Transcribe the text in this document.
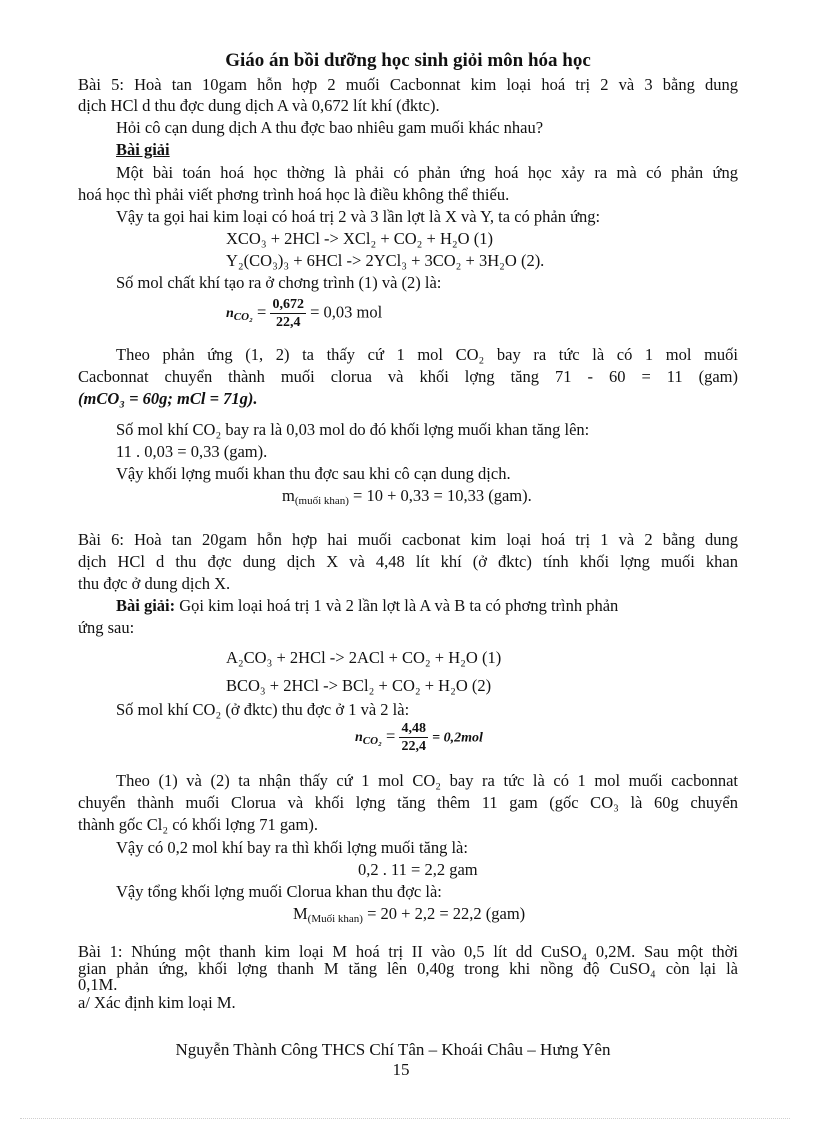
Giáo án bồi dưỡng học sinh giỏi môn hóa học
Bài 5: Hoà tan 10gam hỗn hợp 2 muối Cacbonnat kim loại hoá trị 2 và 3 bằng dung
dịch HCl d thu đợc dung dịch A và 0,672 lít khí (đktc).
Hỏi cô cạn dung dịch A thu đợc bao nhiêu gam muối khác nhau?
Bài giải
Một bài toán hoá học thờng là phải có phản ứng hoá học xảy ra mà có phản ứng
hoá học thì phải viết phơng trình hoá học là điều không thể thiếu.
Vậy ta gọi hai kim loại có hoá trị 2 và 3 lần lợt là X và Y, ta có phản ứng:
XCO₃ + 2HCl -> XCl₂ + CO₂ + H₂O (1)
Y₂(CO₃)₃ + 6HCl -> 2YCl₃ + 3CO₂ + 3H₂O (2).
Số mol chất khí tạo ra ở chơng trình (1) và (2) là:
$n_{CO_2} = \frac{0,672}{22,4} = 0,03$ mol
Theo phản ứng (1, 2) ta thấy cứ 1 mol CO₂ bay ra tức là có 1 mol muối
Cacbonnat chuyển thành muối clorua và khối lợng tăng 71 - 60 = 11 (gam)
(mCO₃ = 60g; mCl = 71g).
Số mol khí CO₂ bay ra là 0,03 mol do đó khối lợng muối khan tăng lên:
11 . 0,03 = 0,33 (gam).
Vậy khối lợng muối khan thu đợc sau khi cô cạn dung dịch.
$m_{(muối khan)} = 10 + 0,33 = 10,33$ (gam).
Bài 6: Hoà tan 20gam hỗn hợp hai muối cacbonat kim loại hoá trị 1 và 2 bằng dung
dịch HCl d thu đợc dung dịch X và 4,48 lít khí (ở đktc) tính khối lợng muối khan
thu đợc ở dung dịch X.
Bài giải: Gọi kim loại hoá trị 1 và 2 lần lợt là A và B ta có phơng trình phản
ứng sau:
A₂CO₃ + 2HCl -> 2ACl + CO₂ + H₂O (1)
BCO₃ + 2HCl -> BCl₂ + CO₂ + H₂O (2)
Số mol khí CO₂ (ở đktc) thu đợc ở 1 và 2 là:
$n_{CO_2} = \frac{4,48}{22,4} = 0,2mol$
Theo (1) và (2) ta nhận thấy cứ 1 mol CO₂ bay ra tức là có 1 mol muối cacbonnat
chuyển thành muối Clorua và khối lợng tăng thêm 11 gam (gốc CO₃ là 60g chuyển
thành gốc Cl₂ có khối lợng 71 gam).
Vậy có 0,2 mol khí bay ra thì khối lợng muối tăng là:
0,2 . 11 = 2,2 gam
Vậy tổng khối lợng muối Clorua khan thu đợc là:
$M_{(Muối khan)} = 20 + 2,2 = 22,2$ (gam)
Bài 1: Nhúng một thanh kim loại M hoá trị II vào 0,5 lít dd CuSO₄ 0,2M. Sau một thời
gian phản ứng, khối lợng thanh M tăng lên 0,40g trong khi nồng độ CuSO₄ còn lại là
0,1M.
a/ Xác định kim loại M.
Nguyễn Thành Công THCS Chí Tân – Khoái Châu – Hưng Yên
15
